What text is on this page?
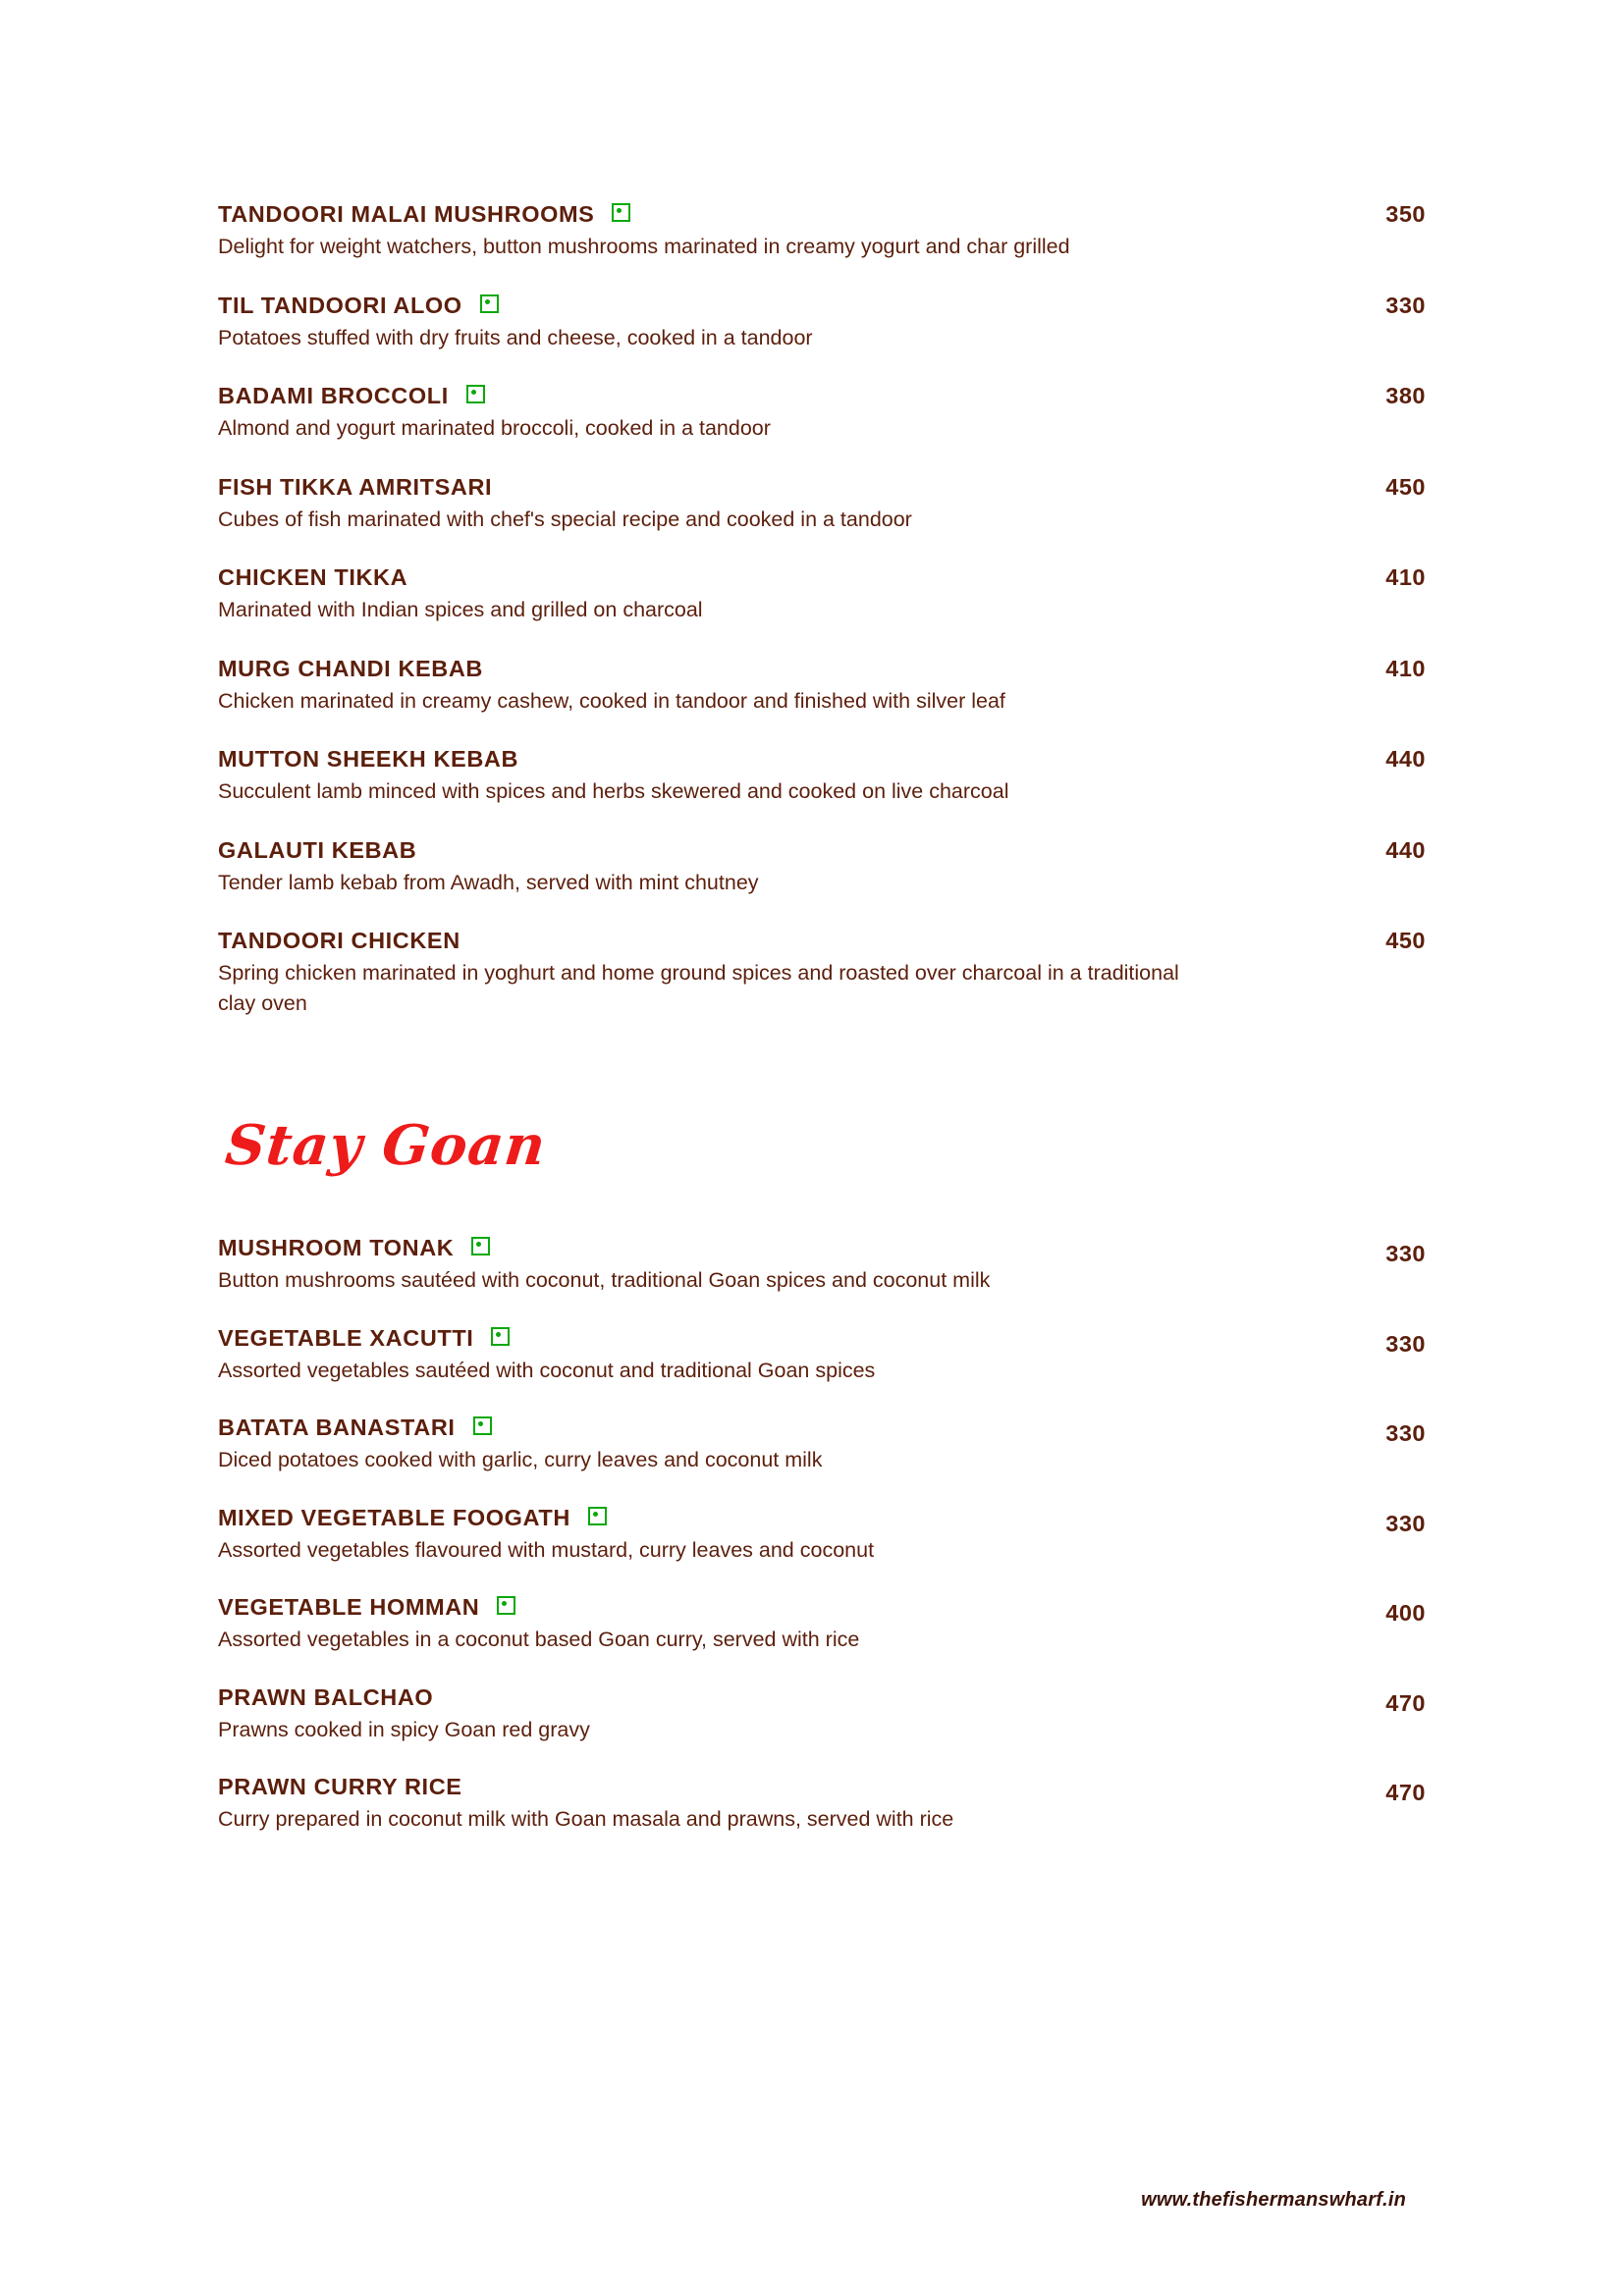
TANDOORI MALAI MUSHROOMS	350
Delight for weight watchers, button mushrooms marinated in creamy yogurt and char grilled
TIL TANDOORI ALOO	330
Potatoes stuffed with dry fruits and cheese, cooked in a tandoor
BADAMI BROCCOLI	380
Almond and yogurt marinated broccoli, cooked in a tandoor
FISH TIKKA AMRITSARI	450
Cubes of fish marinated with chef's special recipe and cooked in a tandoor
CHICKEN TIKKA	410
Marinated with Indian spices and grilled on charcoal
MURG CHANDI KEBAB	410
Chicken marinated in creamy cashew, cooked in tandoor and finished with silver leaf
MUTTON SHEEKH KEBAB	440
Succulent lamb minced with spices and herbs skewered and cooked on live charcoal
GALAUTI KEBAB	440
Tender lamb kebab from Awadh, served with mint chutney
TANDOORI CHICKEN	450
Spring chicken marinated in yoghurt and home ground spices and roasted over charcoal in a traditional clay oven
Stay Goan
MUSHROOM TONAK	330
Button mushrooms sautéed with coconut, traditional Goan spices and coconut milk
VEGETABLE XACUTTI	330
Assorted vegetables sautéed with coconut and traditional Goan spices
BATATA BANASTARI	330
Diced potatoes cooked with garlic, curry leaves and coconut milk
MIXED VEGETABLE FOOGATH	330
Assorted vegetables flavoured with mustard, curry leaves and coconut
VEGETABLE HOMMAN	400
Assorted vegetables in a coconut based Goan curry, served with rice
PRAWN BALCHAO	470
Prawns cooked in spicy Goan red gravy
PRAWN CURRY RICE	470
Curry prepared in coconut milk with Goan masala and prawns, served with rice
www.thefishermanswharf.in
